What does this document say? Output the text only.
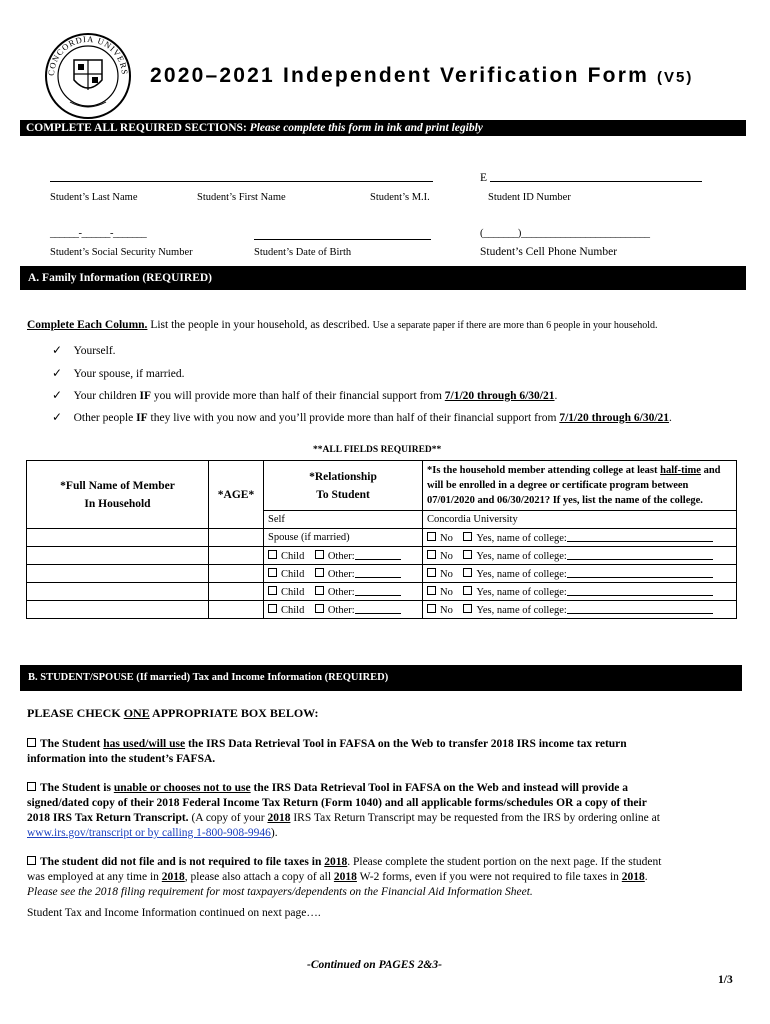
CONCORDIA UNIVERS 2020–2021 Independent Verification Form (V5)
COMPLETE ALL REQUIRED SECTIONS: Please complete this form in ink and print legibly
E
Student’s Last Name	Student’s First Name	Student’s M.I.	Student ID Number
______-______-_______	(_______)__________________________
Student’s Social Security Number	Student’s Date of Birth	Student’s Cell Phone Number
A. Family Information (REQUIRED)
Complete Each Column. List the people in your household, as described. Use a separate paper if there are more than 6 people in your household.
✓ Yourself.
✓ Your spouse, if married.
✓ Your children IF you will provide more than half of their financial support from 7/1/20 through 6/30/21.
✓ Other people IF they live with you now and you’ll provide more than half of their financial support from 7/1/20 through 6/30/21.
**ALL FIELDS REQUIRED**
*Full Name of Member
In Household	*AGE*	*Relationship
To Student	*Is the household member attending college at least half-time and will be enrolled in a degree or certificate program between 07/01/2020 and 06/30/2021? If yes, list the name of the college.
		Self	Concordia University
		Spouse (if married)	No Yes, name of college:
		Child Other:	No Yes, name of college:
		Child Other:	No Yes, name of college:
		Child Other:	No Yes, name of college:
		Child Other:	No Yes, name of college:
B. STUDENT/SPOUSE (If married) Tax and Income Information (REQUIRED)
PLEASE CHECK ONE APPROPRIATE BOX BELOW:
The Student has used/will use the IRS Data Retrieval Tool in FAFSA on the Web to transfer 2018 IRS income tax return
information into the student’s FAFSA.
The Student is unable or chooses not to use the IRS Data Retrieval Tool in FAFSA on the Web and instead will provide a
signed/dated copy of their 2018 Federal Income Tax Return (Form 1040) and all applicable forms/schedules OR a copy of their
2018 IRS Tax Return Transcript. (A copy of your 2018 IRS Tax Return Transcript may be requested from the IRS by ordering online at
www.irs.gov/transcript or by calling 1-800-908-9946).
The student did not file and is not required to file taxes in 2018. Please complete the student portion on the next page. If the student
was employed at any time in 2018, please also attach a copy of all 2018 W-2 forms, even if you were not required to file taxes in 2018.
Please see the 2018 filing requirement for most taxpayers/dependents on the Financial Aid Information Sheet.
Student Tax and Income Information continued on next page….
-Continued on PAGES 2&3-
1/3
